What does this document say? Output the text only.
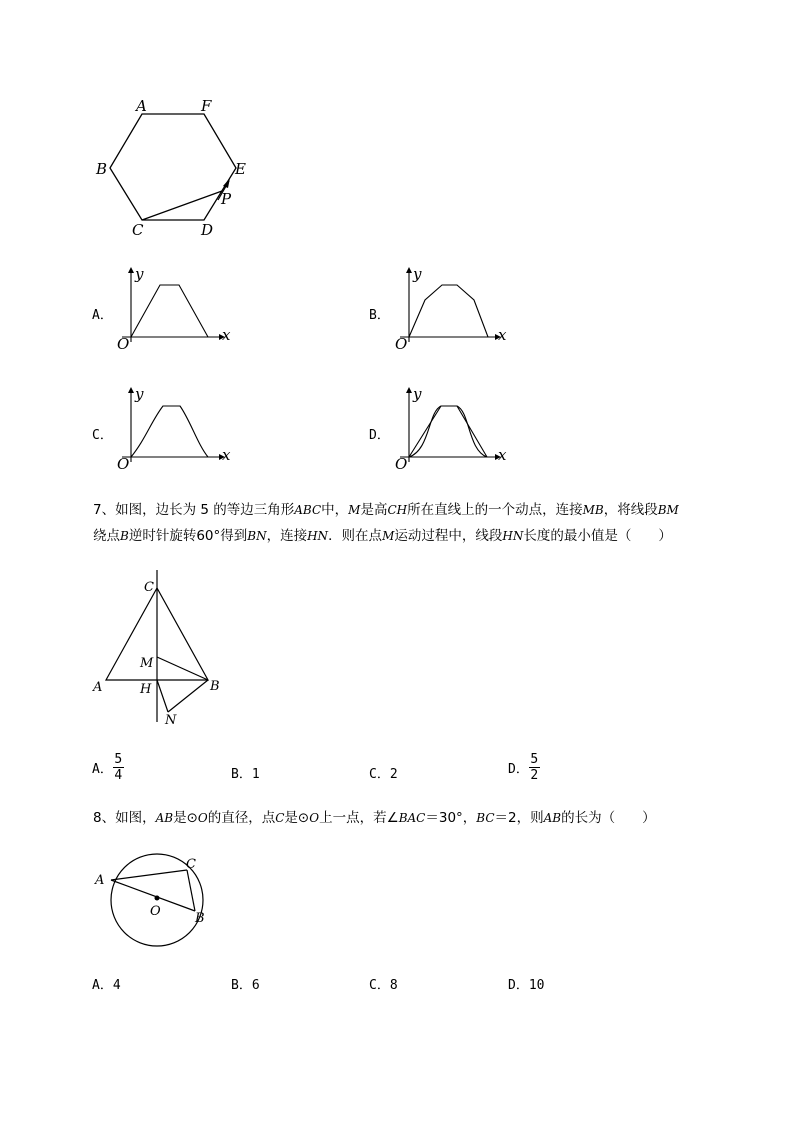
A	F
B	E
P
C	D
y
x
O
A．
y
x
O
B．
y
x
O
C．
y
x
O
D．
7、如图，边长为 5 的等边三角形ABC中，M是高CH所在直线上的一个动点，连接MB，将线段BM
绕点B逆时针旋转60°得到BN，连接HN．则在点M运动过程中，线段HN长度的最小值是（　　）
C
M
A	H	B
N
A． $\frac{5}{4}$	B．1	C．2	D． $\frac{5}{2}$
8、如图，AB是⊙O的直径，点C是⊙O上一点，若∠BAC＝30°，BC＝2，则AB的长为（　　）
A
C
O	B
A．4	B．6	C．8	D．10
